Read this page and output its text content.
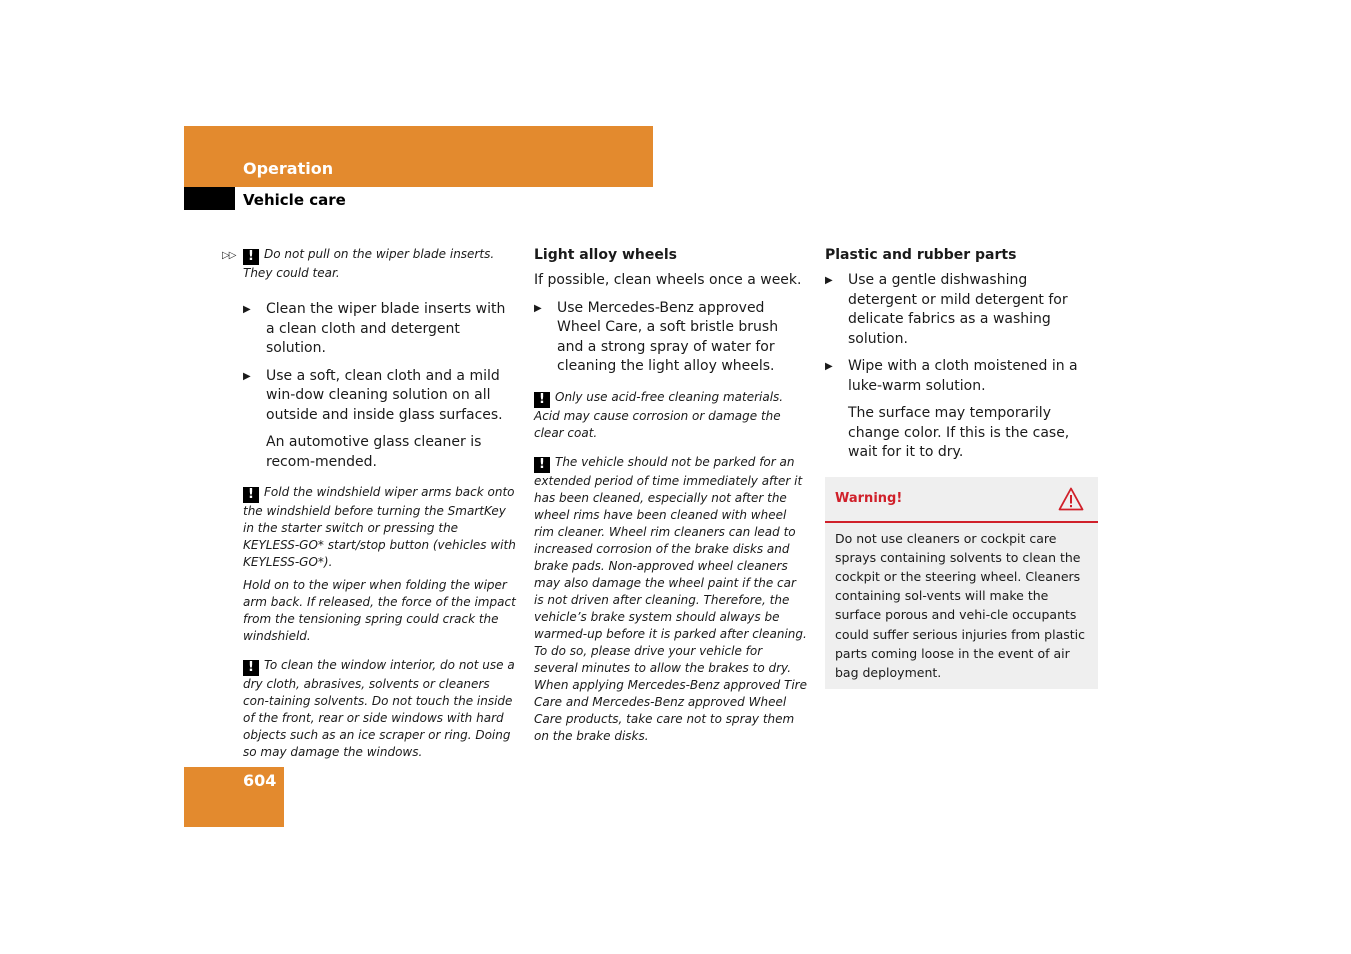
Operation
Vehicle care
▷▷ ! Do not pull on the wiper blade inserts. They could tear.
▶ Clean the wiper blade inserts with a clean cloth and detergent solution.
▶ Use a soft, clean cloth and a mild win-dow cleaning solution on all outside and inside glass surfaces.
An automotive glass cleaner is recom-mended.
! Fold the windshield wiper arms back onto the windshield before turning the SmartKey in the starter switch or pressing the KEYLESS-GO* start/stop button (vehicles with KEYLESS-GO*).
Hold on to the wiper when folding the wiper arm back. If released, the force of the impact from the tensioning spring could crack the windshield.
! To clean the window interior, do not use a dry cloth, abrasives, solvents or cleaners con-taining solvents. Do not touch the inside of the front, rear or side windows with hard objects such as an ice scraper or ring. Doing so may damage the windows.
Light alloy wheels
If possible, clean wheels once a week.
▶ Use Mercedes-Benz approved Wheel Care, a soft bristle brush and a strong spray of water for cleaning the light alloy wheels.
! Only use acid-free cleaning materials. Acid may cause corrosion or damage the clear coat.
! The vehicle should not be parked for an extended period of time immediately after it has been cleaned, especially not after the wheel rims have been cleaned with wheel rim cleaner. Wheel rim cleaners can lead to increased corrosion of the brake disks and brake pads. Non-approved wheel cleaners may also damage the wheel paint if the car is not driven after cleaning. Therefore, the vehicle’s brake system should always be warmed-up before it is parked after cleaning. To do so, please drive your vehicle for several minutes to allow the brakes to dry. When applying Mercedes-Benz approved Tire Care and Mercedes-Benz approved Wheel Care products, take care not to spray them on the brake disks.
Plastic and rubber parts
▶ Use a gentle dishwashing detergent or mild detergent for delicate fabrics as a washing solution.
▶ Wipe with a cloth moistened in a luke-warm solution.
The surface may temporarily change color. If this is the case, wait for it to dry.
Warning!
Do not use cleaners or cockpit care sprays containing solvents to clean the cockpit or the steering wheel. Cleaners containing sol-vents will make the surface porous and vehi-cle occupants could suffer serious injuries from plastic parts coming loose in the event of air bag deployment.
604
